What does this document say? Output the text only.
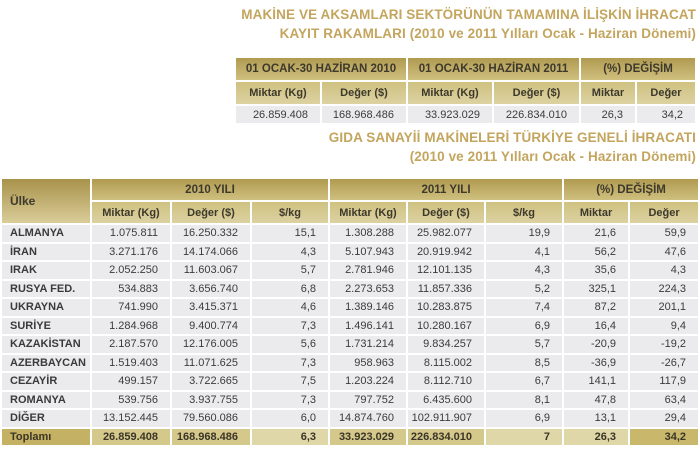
MAKİNE VE AKSAMLARI SEKTÖRÜNÜN TAMAMINA İLİŞKİN İHRACAT
KAYIT RAKAMLARI (2010 ve 2011 Yılları Ocak - Haziran Dönemi)
01 OCAK-30 HAZİRAN 2010		01 OCAK-30 HAZİRAN 2011		(%) DEĞİŞİM	
Miktar (Kg)	Değer ($)	Miktar (Kg)	Değer ($)	Miktar	Değer
26.859.408	168.968.486	33.923.029	226.834.010	26,3	34,2
GIDA SANAYİİ MAKİNELERİ TÜRKİYE GENELİ İHRACATI
(2010 ve 2011 Yılları Ocak - Haziran Dönemi)
Ülke	2010 YILI			2011 YILI			(%) DEĞİŞİM	
	Miktar (Kg)	Değer ($)	$/kg	Miktar (Kg)	Değer ($)	$/kg	Miktar	Değer
ALMANYA	1.075.811	16.250.332	15,1	1.308.288	25.982.077	19,9	21,6	59,9
İRAN	3.271.176	14.174.066	4,3	5.107.943	20.919.942	4,1	56,2	47,6
IRAK	2.052.250	11.603.067	5,7	2.781.946	12.101.135	4,3	35,6	4,3
RUSYA FED.	534.883	3.656.740	6,8	2.273.653	11.857.336	5,2	325,1	224,3
UKRAYNA	741.990	3.415.371	4,6	1.389.146	10.283.875	7,4	87,2	201,1
SURİYE	1.284.968	9.400.774	7,3	1.496.141	10.280.167	6,9	16,4	9,4
KAZAKİSTAN	2.187.570	12.176.005	5,6	1.731.214	9.834.257	5,7	-20,9	-19,2
AZERBAYCAN	1.519.403	11.071.625	7,3	958.963	8.115.002	8,5	-36,9	-26,7
CEZAYİR	499.157	3.722.665	7,5	1.203.224	8.112.710	6,7	141,1	117,9
ROMANYA	539.756	3.937.755	7,3	797.752	6.435.600	8,1	47,8	63,4
DİĞER	13.152.445	79.560.086	6,0	14.874.760	102.911.907	6,9	13,1	29,4
Toplamı	26.859.408	168.968.486	6,3	33.923.029	226.834.010	7	26,3	34,2
